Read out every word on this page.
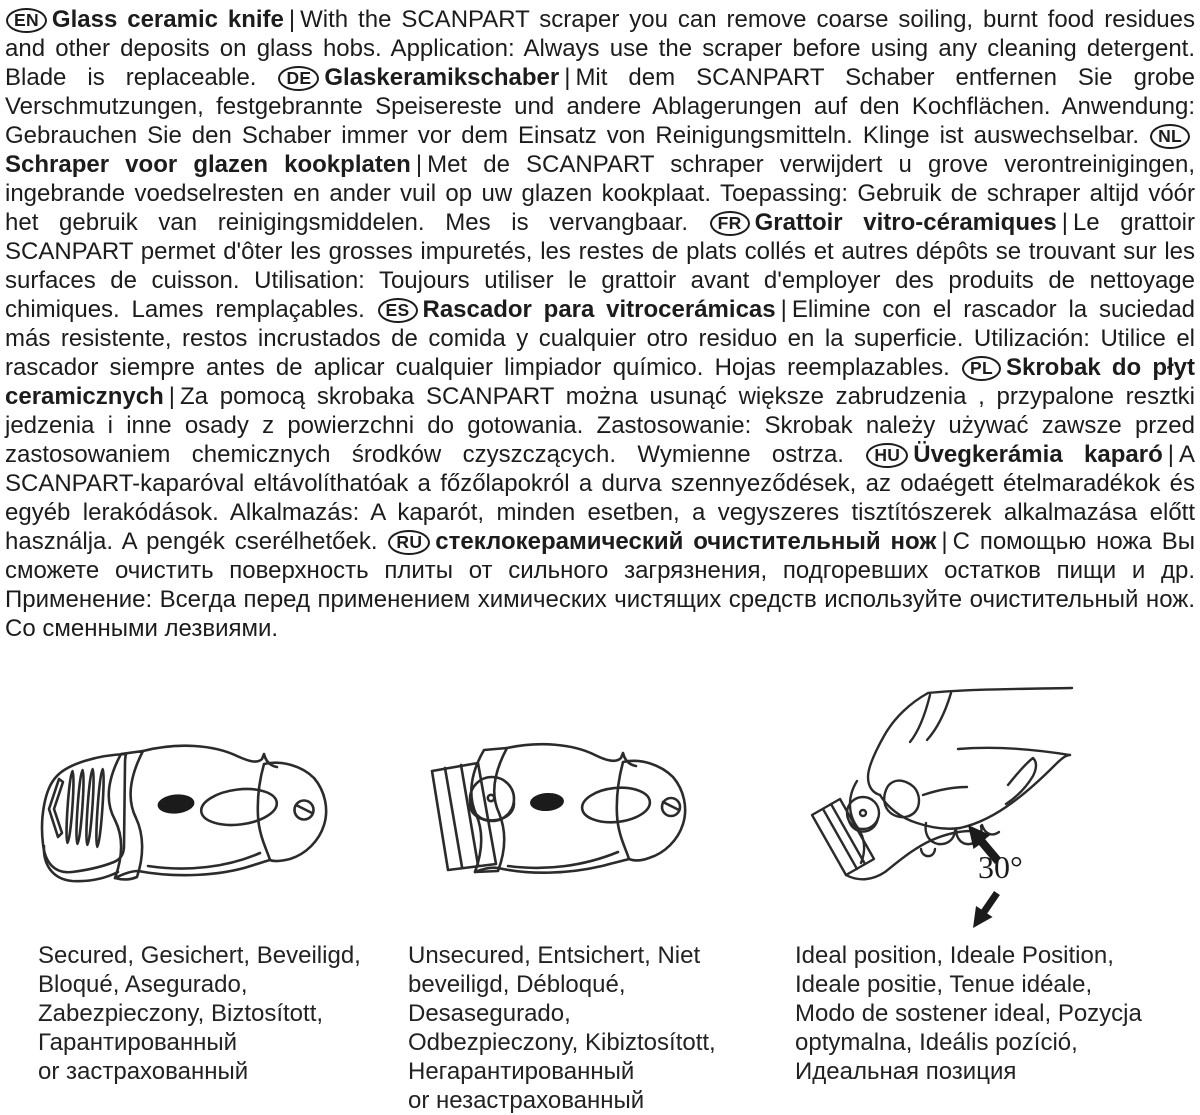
EN Glass ceramic knife | With the SCANPART scraper you can remove coarse soiling, burnt food residues and other deposits on glass hobs. Application: Always use the scraper before using any cleaning detergent. Blade is replaceable. DE Glaskeramikschaber | Mit dem SCANPART Schaber entfernen Sie grobe Verschmutzungen, festgebrannte Speisereste und andere Ablagerungen auf den Kochflächen. Anwendung: Gebrauchen Sie den Schaber immer vor dem Einsatz von Reinigungsmitteln. Klinge ist auswechselbar. NLSchraper voor glazen kookplaten | Met de SCANPART schraper verwijdert u grove verontreinigingen, ingebrande voedselresten en ander vuil op uw glazen kookplaat. Toepassing: Gebruik de schraper altijd vóór het gebruik van reinigingsmiddelen. Mes is vervangbaar. FR Grattoir vitro-céramiques | Le grattoir SCANPART permet d'ôter les grosses impuretés, les restes de plats collés et autres dépôts se trouvant sur les surfaces de cuisson. Utilisation: Toujours utiliser le grattoir avant d'employer des produits de nettoyage chimiques. Lames remplaçables. ES Rascador para vitrocerámicas | Elimine con el rascador la suciedad más resistente, restos incrustados de comida y cualquier otro residuo en la superficie. Utilización: Utilice el rascador siempre antes de aplicar cualquier limpiador químico. Hojas reemplazables. PL Skrobak do płyt ceramicznych | Za pomocą skrobaka SCANPART można usunąć większe zabrudzenia , przypalone resztki jedzenia i inne osady z powierzchni do gotowania. Zastosowanie: Skrobak należy używać zawsze przed zastosowaniem chemicznych środków czyszczących. Wymienne ostrza. HU Üvegkerámia kaparó | A SCANPART-kaparóval eltávolíthatóak a főzőlapokról a durva szennyeződések, az odaégett ételmaradékok és egyéb lerakódások. Alkalmazás: A kaparót, minden esetben, a vegyszeres tisztítószerek alkalmazása előtt használja. A pengék cserélhetőek. RU стеклокерамический очистительный нож | С помощью ножа Вы сможете очистить поверхность плиты от сильного загрязнения, подгоревших остатков пищи и др. Применение: Всегда перед применением химических чистящих средств используйте очистительный нож. Со сменными лезвиями.
30°
Secured, Gesichert, Beveiligd,
Bloqué, Asegurado,
Zabezpieczony, Biztosított,
Гарантированный
or застрахованный
Unsecured, Entsichert, Niet
beveiligd, Débloqué,
Desasegurado,
Odbezpieczony, Kibiztosított,
Негарантированный
or незастрахованный
Ideal position, Ideale Position,
Ideale positie, Tenue idéale,
Modo de sostener ideal, Pozycja
optymalna, Ideális pozíció,
Идеальная позиция
